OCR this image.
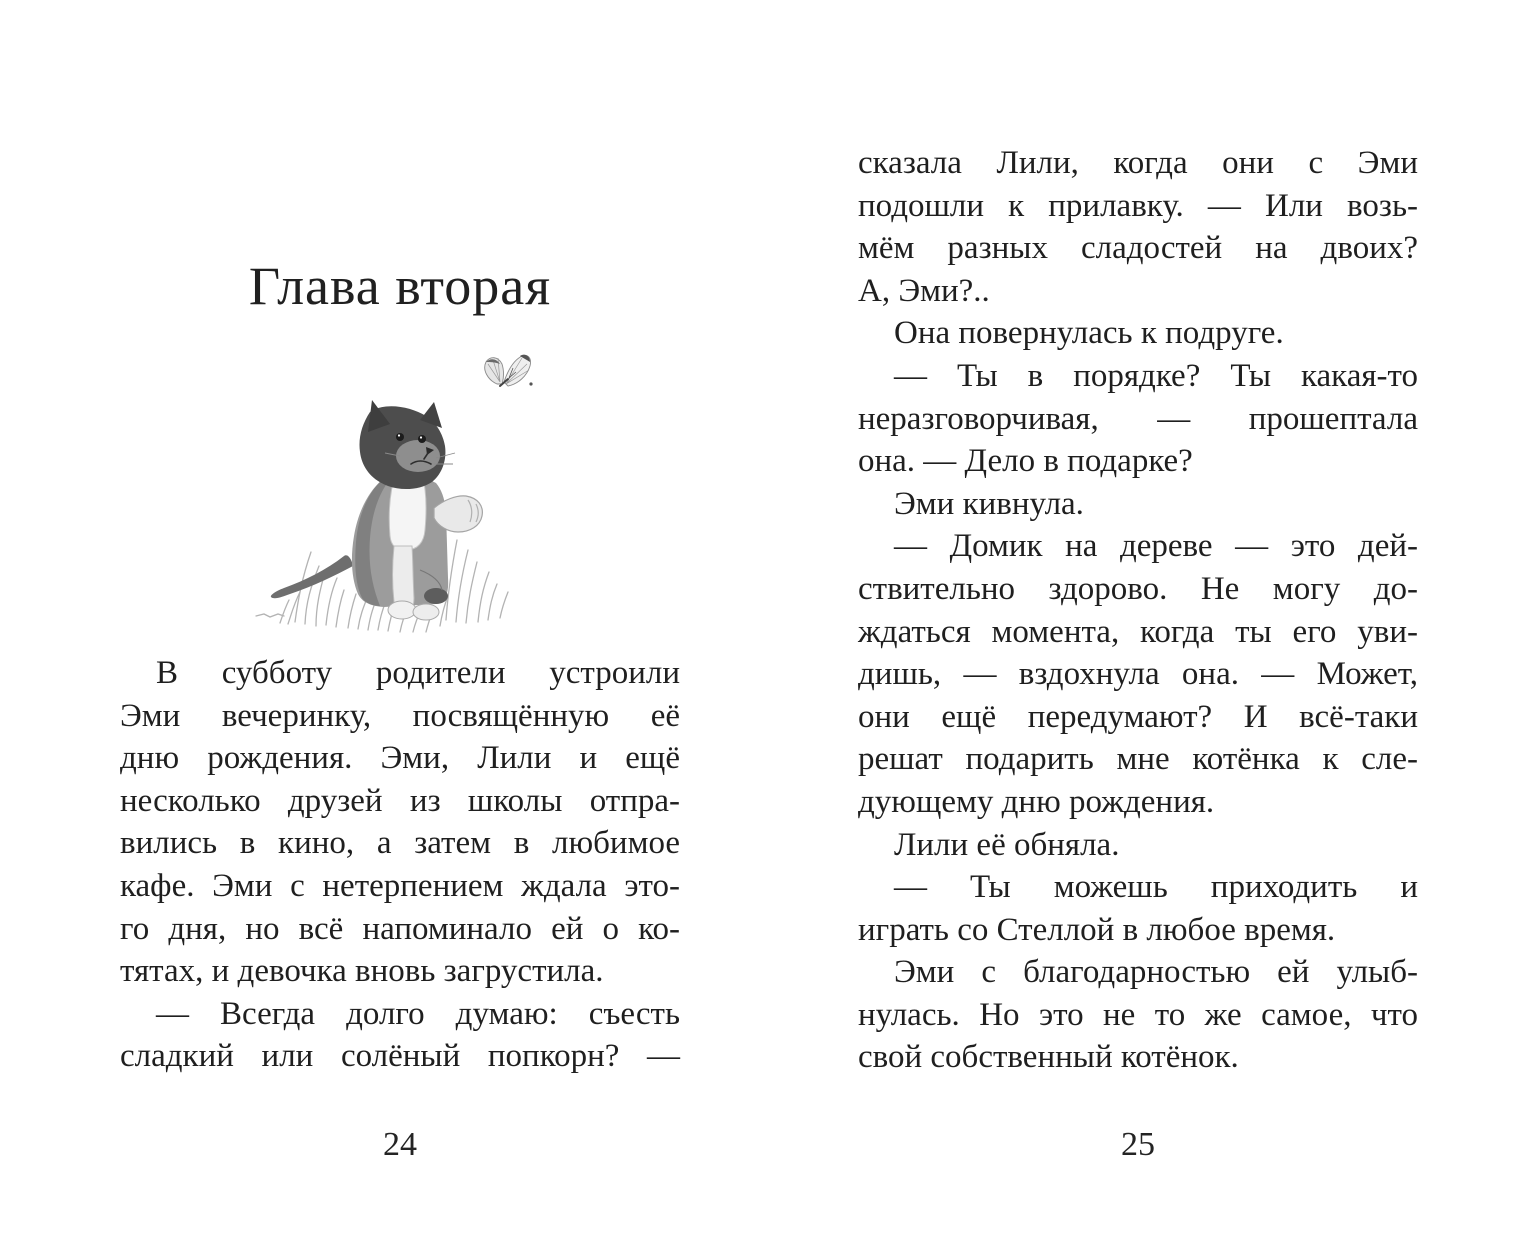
Глава вторая
В субботу родители устроили
Эми вечеринку, посвящённую её
дню рождения. Эми, Лили и ещё
несколько друзей из школы отпра-
вились в кино, а затем в любимое
кафе. Эми с нетерпением ждала это-
го дня, но всё напоминало ей о ко-
тятах, и девочка вновь загрустила.
— Всегда долго думаю: съесть
сладкий или солёный попкорн? —
24
сказала Лили, когда они с Эми
подошли к прилавку. — Или возь-
мём разных сладостей на двоих?
А, Эми?..
Она повернулась к подруге.
— Ты в порядке? Ты какая-то
неразговорчивая, — прошептала
она. — Дело в подарке?
Эми кивнула.
— Домик на дереве — это дей-
ствительно здорово. Не могу до-
ждаться момента, когда ты его уви-
дишь, — вздохнула она. — Может,
они ещё передумают? И всё-таки
решат подарить мне котёнка к сле-
дующему дню рождения.
Лили её обняла.
— Ты можешь приходить и
играть со Стеллой в любое время.
Эми с благодарностью ей улыб-
нулась. Но это не то же самое, что
свой собственный котёнок.
25
